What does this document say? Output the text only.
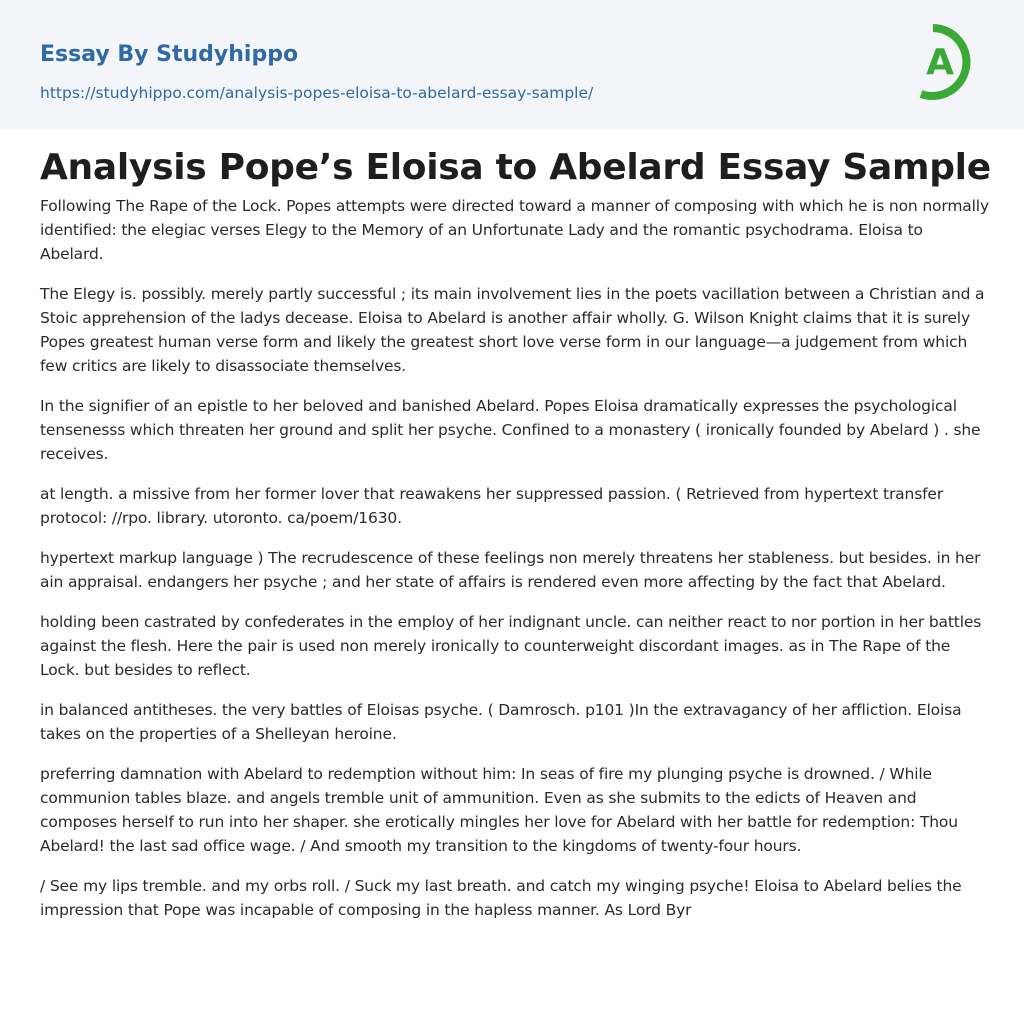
Essay By Studyhippo
https://studyhippo.com/analysis-popes-eloisa-to-abelard-essay-sample/
A
Analysis Pope’s Eloisa to Abelard Essay Sample

Following The Rape of the Lock. Popes attempts were directed toward a manner of composing with which he is non normally identified: the elegiac verses Elegy to the Memory of an Unfortunate Lady and the romantic psychodrama. Eloisa to Abelard.

The Elegy is. possibly. merely partly successful ; its main involvement lies in the poets vacillation between a Christian and a Stoic apprehension of the ladys decease. Eloisa to Abelard is another affair wholly. G. Wilson Knight claims that it is surely Popes greatest human verse form and likely the greatest short love verse form in our language—a judgement from which few critics are likely to disassociate themselves.

In the signifier of an epistle to her beloved and banished Abelard. Popes Eloisa dramatically expresses the psychological tensenesss which threaten her ground and split her psyche. Confined to a monastery ( ironically founded by Abelard ) . she receives.

at length. a missive from her former lover that reawakens her suppressed passion. ( Retrieved from hypertext transfer protocol: //rpo. library. utoronto. ca/poem/1630.

hypertext markup language ) The recrudescence of these feelings non merely threatens her stableness. but besides. in her ain appraisal. endangers her psyche ; and her state of affairs is rendered even more affecting by the fact that Abelard.

holding been castrated by confederates in the employ of her indignant uncle. can neither react to nor portion in her battles against the flesh. Here the pair is used non merely ironically to counterweight discordant images. as in The Rape of the Lock. but besides to reflect.

in balanced antitheses. the very battles of Eloisas psyche. ( Damrosch. p101 )In the extravagancy of her affliction. Eloisa takes on the properties of a Shelleyan heroine.

preferring damnation with Abelard to redemption without him: In seas of fire my plunging psyche is drowned. / While communion tables blaze. and angels tremble unit of ammunition. Even as she submits to the edicts of Heaven and composes herself to run into her shaper. she erotically mingles her love for Abelard with her battle for redemption: Thou Abelard! the last sad office wage. / And smooth my transition to the kingdoms of twenty-four hours.

/ See my lips tremble. and my orbs roll. / Suck my last breath. and catch my winging psyche! Eloisa to Abelard belies the impression that Pope was incapable of composing in the hapless manner. As Lord Byr
